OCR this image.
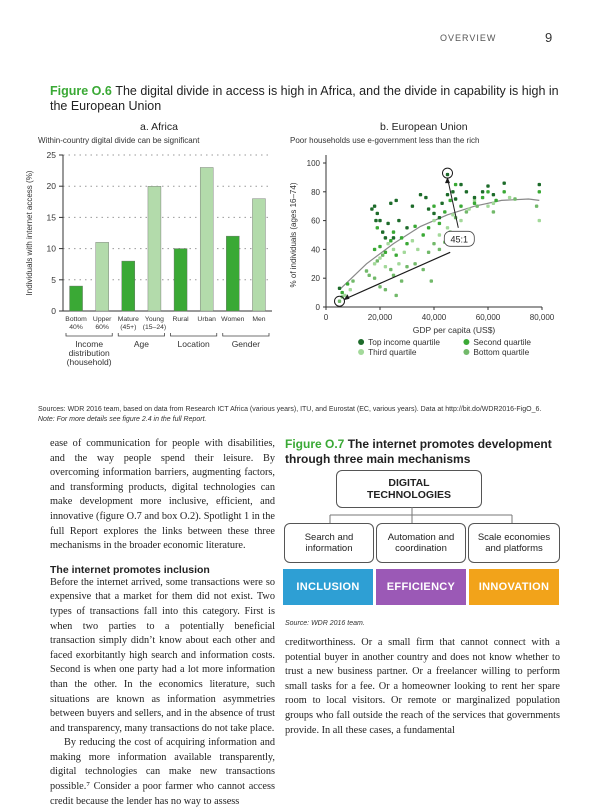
OVERVIEW	9
Figure O.6 The digital divide in access is high in Africa, and the divide in capability is high in the European Union
a. Africa	b. European Union
Within-country digital divide can be significant	Poor households use e-government less than the rich
0
5
10
15
20
25
Individuals with internet access (%)
Bottom
40%
Upper
60%
Mature
(45+)
Young
(15–24)
Rural Urban Women Men
Income
distribution
(household)
Age	Location	Gender
0
20
40
60
80
100
0	20,000	40,000	60,000	80,000
% of individuals (ages 16–74)
GDP per capita (US$)
45:1
Top income quartile	Second quartile
Third quartile	Bottom quartile
Sources: WDR 2016 team, based on data from Research ICT Africa (various years), ITU, and Eurostat (EC, various years). Data at http://bit.do/WDR2016-FigO_6.
Note: For more details see figure 2.4 in the full Report.

ease of communication for people with disabilities, and the way people spend their leisure. By overcoming information barriers, augmenting factors, and transforming products, digital technologies can make development more inclusive, efficient, and innovative (figure O.7 and box O.2). Spotlight 1 in the full Report explores the links between these three mechanisms in the broader economic literature.

The internet promotes inclusion

Before the internet arrived, some transactions were so expensive that a market for them did not exist. Two types of transactions fall into this category. First is when two parties to a potentially beneficial transaction simply didn’t know about each other and faced exorbitantly high search and information costs. Second is when one party had a lot more information than the other. In the economics literature, such situations are known as information asymmetries between buyers and sellers, and in the absence of trust and transparency, many transactions do not take place.

By reducing the cost of acquiring information and making more information available transparently, digital technologies can make new transactions possible.⁷ Consider a poor farmer who cannot access credit because the lender has no way to assess

Figure O.7 The internet promotes development through three main mechanisms
DIGITAL
TECHNOLOGIES
Search and
information
Automation and
coordination
Scale economies
and platforms
INCLUSION	EFFICIENCY	INNOVATION
Source: WDR 2016 team.

creditworthiness. Or a small firm that cannot connect with a potential buyer in another country and does not know whether to trust a new business partner. Or a freelancer willing to perform small tasks for a fee. Or a homeowner looking to rent her spare room to local visitors. Or remote or marginalized population groups who fall outside the reach of the services that governments provide. In all these cases, a fundamental
